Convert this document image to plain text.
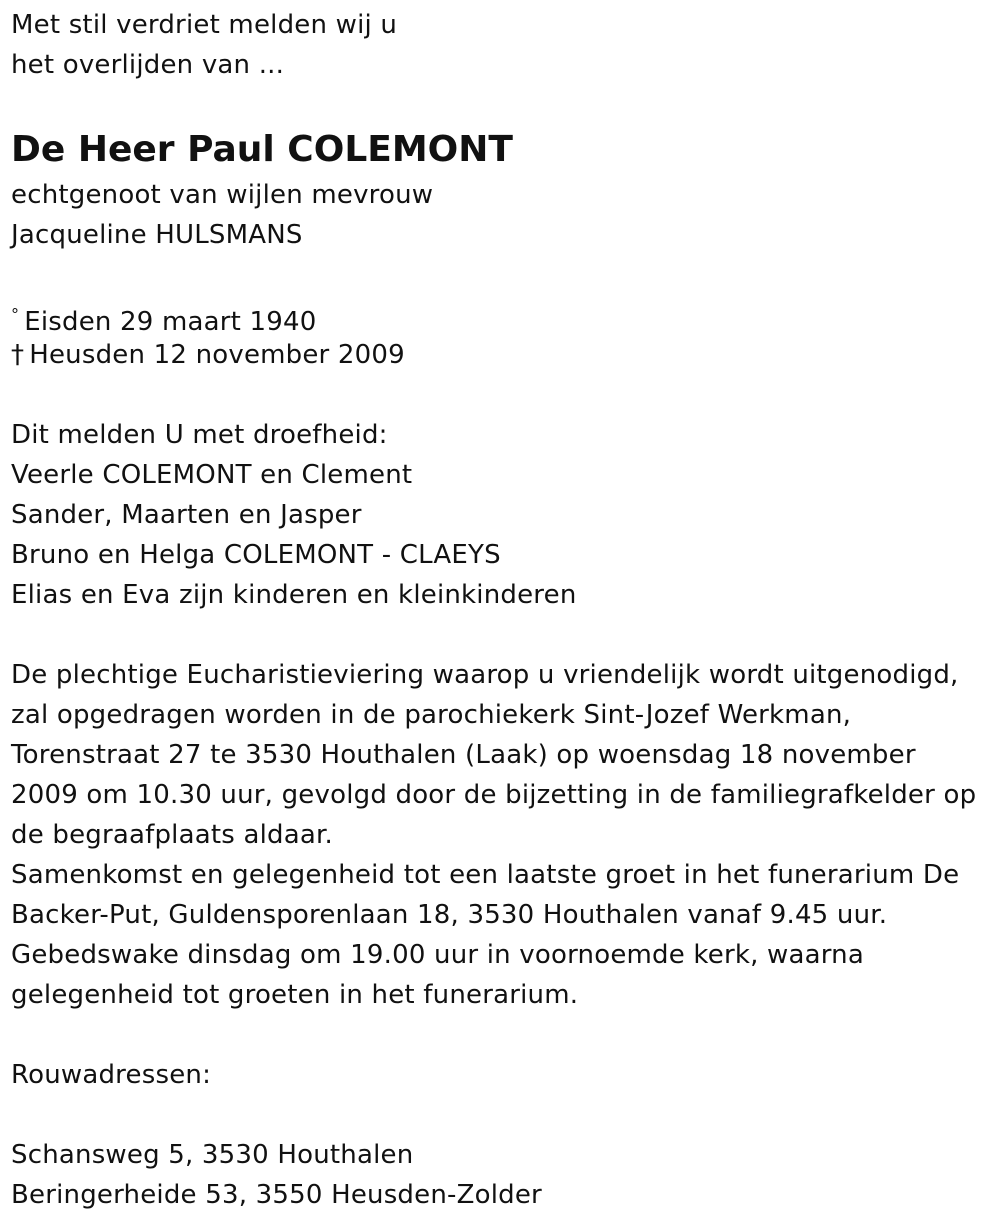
Met stil verdriet melden wij u
het overlijden van ...
De Heer Paul COLEMONT
echtgenoot van wijlen mevrouw
Jacqueline HULSMANS
° Eisden 29 maart 1940
† Heusden 12 november 2009
Dit melden U met droefheid:
Veerle COLEMONT en Clement
Sander, Maarten en Jasper
Bruno en Helga COLEMONT - CLAEYS
Elias en Eva zijn kinderen en kleinkinderen
De plechtige Eucharistieviering waarop u vriendelijk wordt uitgenodigd,
zal opgedragen worden in de parochiekerk Sint-Jozef Werkman,
Torenstraat 27 te 3530 Houthalen (Laak) op woensdag 18 november
2009 om 10.30 uur, gevolgd door de bijzetting in de familiegrafkelder op
de begraafplaats aldaar.
Samenkomst en gelegenheid tot een laatste groet in het funerarium De
Backer-Put, Guldensporenlaan 18, 3530 Houthalen vanaf 9.45 uur.
Gebedswake dinsdag om 19.00 uur in voornoemde kerk, waarna
gelegenheid tot groeten in het funerarium.
Rouwadressen:
Schansweg 5, 3530 Houthalen
Beringerheide 53, 3550 Heusden-Zolder
